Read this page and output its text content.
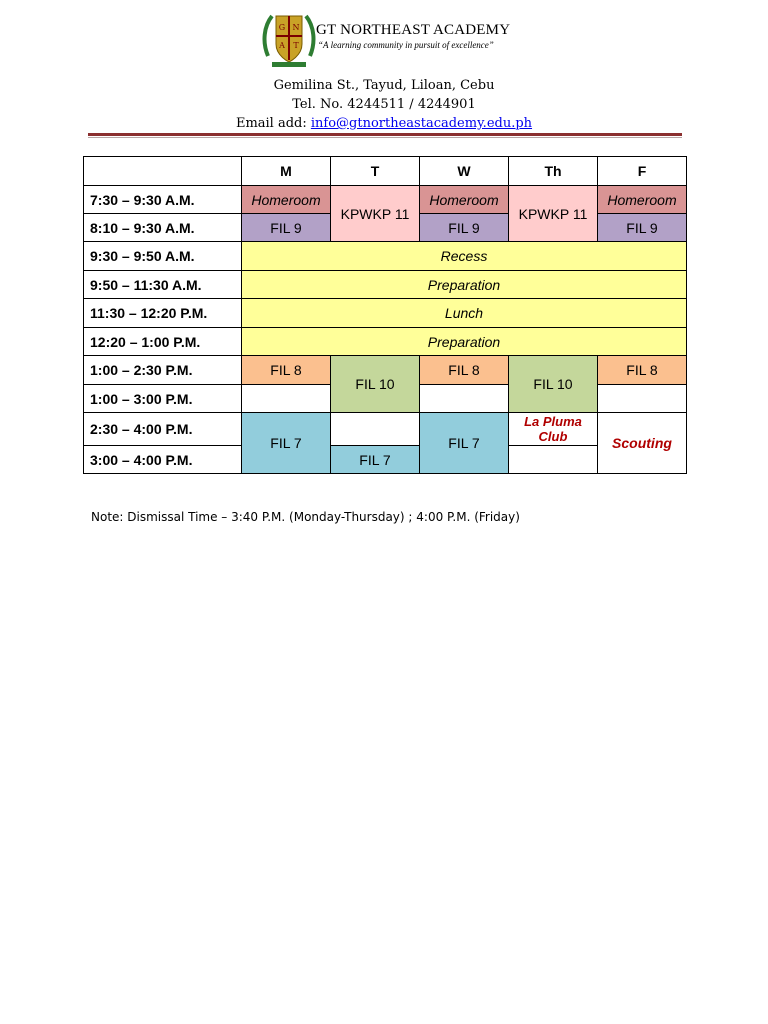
G N
A T
GT NORTHEAST ACADEMY
“A learning community in pursuit of excellence”
Gemilina St., Tayud, Liloan, Cebu
Tel. No. 4244511 / 4244901
Email add: info@gtnortheastacademy.edu.ph
	M	T	W	Th	F
7:30 – 9:30 A.M.	Homeroom	KPWKP 11	Homeroom	KPWKP 11	Homeroom
8:10 – 9:30 A.M.	FIL 9		FIL 9		FIL 9
9:30 – 9:50 A.M.	Recess				
9:50 – 11:30 A.M.	Preparation				
11:30 – 12:20 P.M.	Lunch				
12:20 – 1:00 P.M.	Preparation				
1:00 – 2:30 P.M.	FIL 8	FIL 10	FIL 8	FIL 10	FIL 8
1:00 – 3:00 P.M.					
2:30 – 4:00 P.M.	FIL 7		FIL 7	La Pluma Club	Scouting
3:00 – 4:00 P.M.		FIL 7			
Note: Dismissal Time – 3:40 P.M. (Monday-Thursday) ; 4:00 P.M. (Friday)
